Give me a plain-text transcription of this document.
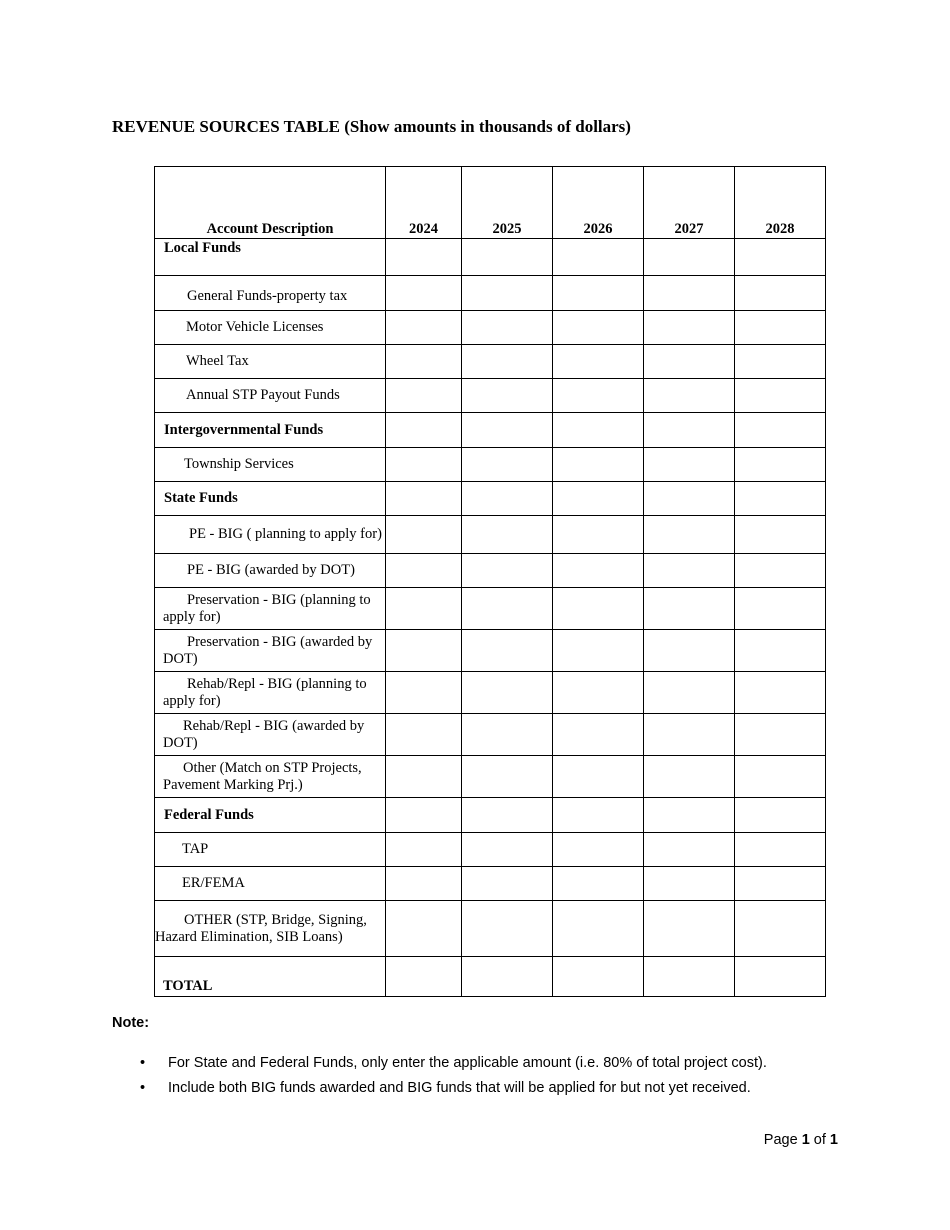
REVENUE SOURCES TABLE (Show amounts in thousands of dollars)
Account Description	2024	2025	2026	2027	2028
Local Funds					
General Funds-property tax					
Motor Vehicle Licenses					
Wheel Tax					
Annual STP Payout Funds					
Intergovernmental Funds					
Township Services					
State Funds					
PE - BIG ( planning to apply for)					
PE - BIG (awarded by DOT)					
Preservation - BIG (planning to apply for)					
Preservation - BIG (awarded by DOT)					
Rehab/Repl - BIG (planning to apply for)					
Rehab/Repl - BIG (awarded by DOT)					
Other (Match on STP Projects, Pavement Marking Prj.)					
Federal Funds					
TAP					
ER/FEMA					
OTHER (STP, Bridge, Signing, Hazard Elimination, SIB Loans)					
TOTAL					

Note:

• For State and Federal Funds, only enter the applicable amount (i.e. 80% of total project cost).
• Include both BIG funds awarded and BIG funds that will be applied for but not yet received.
Page 1 of 1
